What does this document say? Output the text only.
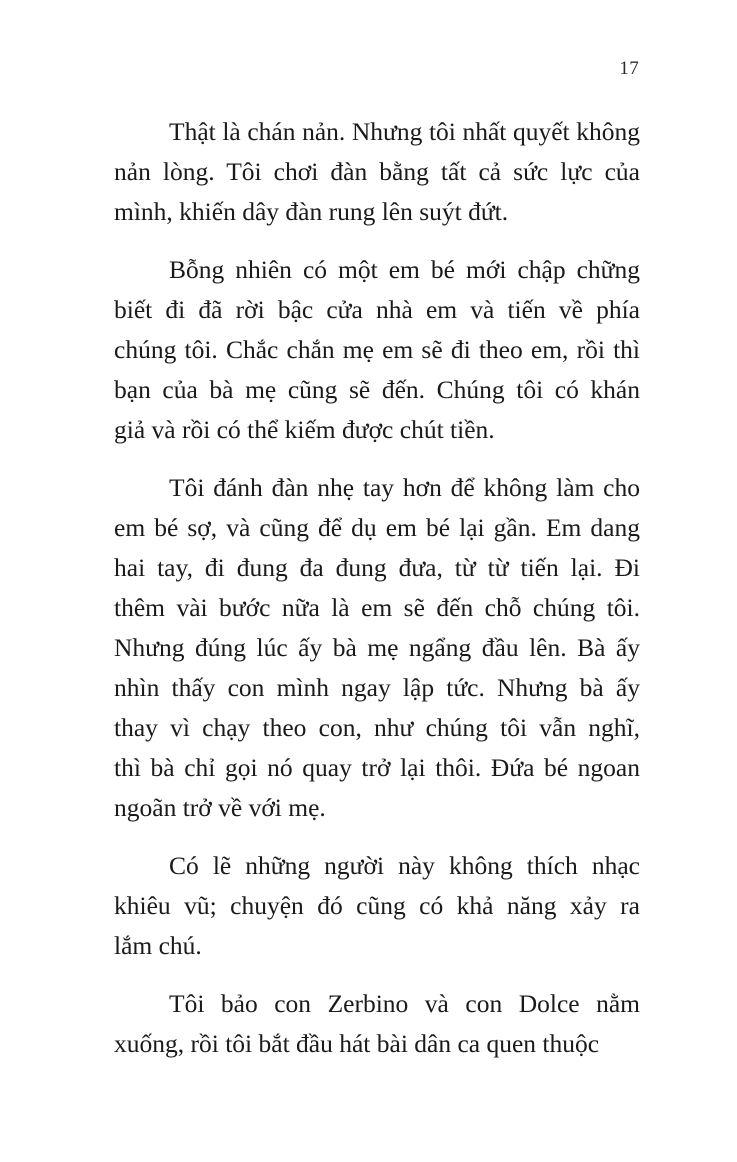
17

Thật là chán nản. Nhưng tôi nhất quyết không
nản lòng. Tôi chơi đàn bằng tất cả sức lực của
mình, khiến dây đàn rung lên suýt đứt.

Bỗng nhiên có một em bé mới chập chững
biết đi đã rời bậc cửa nhà em và tiến về phía
chúng tôi. Chắc chắn mẹ em sẽ đi theo em, rồi thì
bạn của bà mẹ cũng sẽ đến. Chúng tôi có khán
giả và rồi có thể kiếm được chút tiền.

Tôi đánh đàn nhẹ tay hơn để không làm cho
em bé sợ, và cũng để dụ em bé lại gần. Em dang
hai tay, đi đung đa đung đưa, từ từ tiến lại. Đi
thêm vài bước nữa là em sẽ đến chỗ chúng tôi.
Nhưng đúng lúc ấy bà mẹ ngẩng đầu lên. Bà ấy
nhìn thấy con mình ngay lập tức. Nhưng bà ấy
thay vì chạy theo con, như chúng tôi vẫn nghĩ,
thì bà chỉ gọi nó quay trở lại thôi. Đứa bé ngoan
ngoãn trở về với mẹ.

Có lẽ những người này không thích nhạc
khiêu vũ; chuyện đó cũng có khả năng xảy ra
lắm chú.

Tôi bảo con Zerbino và con Dolce nằm
xuống, rồi tôi bắt đầu hát bài dân ca quen thuộc
